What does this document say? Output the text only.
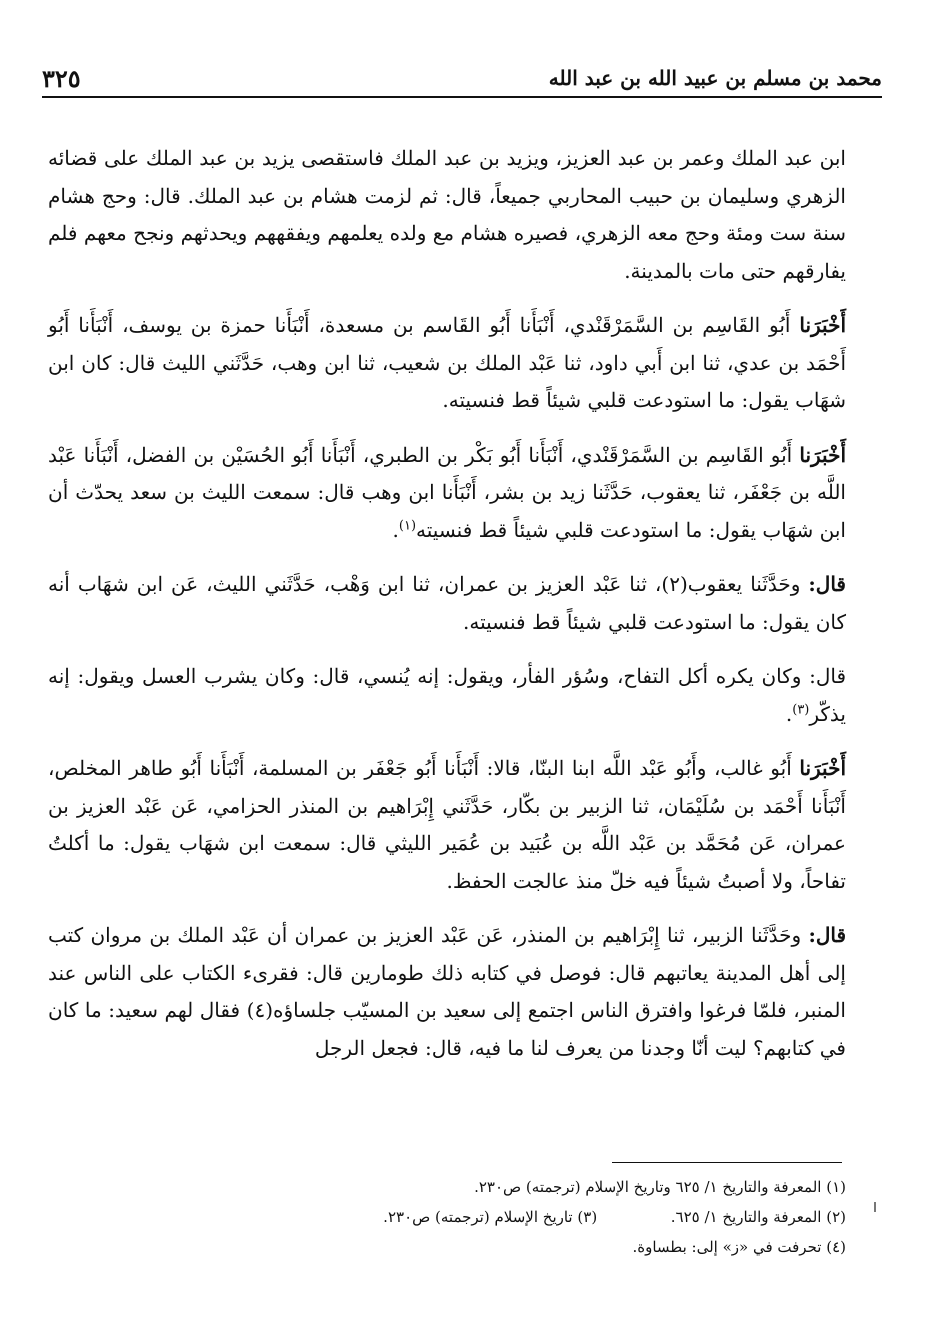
محمد بن مسلم بن عبيد الله بن عبد الله
٣٢٥

ابن عبد الملك وعمر بن عبد العزيز، ويزيد بن عبد الملك فاستقصى يزيد بن عبد الملك على قضائه الزهري وسليمان بن حبيب المحاربي جميعاً، قال: ثم لزمت هشام بن عبد الملك. قال: وحج هشام سنة ست ومئة وحج معه الزهري، فصيره هشام مع ولده يعلمهم ويفقههم ويحدثهم ونجح معهم فلم يفارقهم حتى مات بالمدينة.

أَخْبَرَنا أَبُو القَاسِم بن السَّمَرْقَنْدي، أَنْبَأَنا أَبُو القَاسم بن مسعدة، أَنْبَأَنا حمزة بن يوسف، أَنْبَأَنا أَبُو أَحْمَد بن عدي، ثنا ابن أَبي داود، ثنا عَبْد الملك بن شعيب، ثنا ابن وهب، حَدَّثَني الليث قال: كان ابن شهَاب يقول: ما استودعت قلبي شيئاً قط فنسيته.

أَخْبَرَنا أَبُو القَاسِم بن السَّمَرْقَنْدي، أَنْبَأَنا أَبُو بَكْر بن الطبري، أَنْبَأَنا أَبُو الحُسَيْن بن الفضل، أَنْبَأَنا عَبْد اللَّه بن جَعْفَر، ثنا يعقوب، حَدَّثَنا زيد بن بشر، أَنْبَأَنا ابن وهب قال: سمعت الليث بن سعد يحدّث أن ابن شهَاب يقول: ما استودعت قلبي شيئاً قط فنسيته$^{(١)}$.

قال: وحَدَّثَنا يعقوب(٢)، ثنا عَبْد العزيز بن عمران، ثنا ابن وَهْب، حَدَّثَني الليث، عَن ابن شهَاب أنه كان يقول: ما استودعت قلبي شيئاً قط فنسيته.

قال: وكان يكره أكل التفاح، وسُؤر الفأر، ويقول: إنه يُنسي، قال: وكان يشرب العسل ويقول: إنه يذكّر$^{(٣)}$.

أَخْبَرَنا أَبُو غالب، وأَبُو عَبْد اللَّه ابنا البنّا، قالا: أَنْبَأَنا أَبُو جَعْفَر بن المسلمة، أَنْبَأَنا أَبُو طاهر المخلص، أَنْبَأَنا أَحْمَد بن سُلَيْمَان، ثنا الزبير بن بكّار، حَدَّثَني إِبْرَاهيم بن المنذر الحزامي، عَن عَبْد العزيز بن عمران، عَن مُحَمَّد بن عَبْد اللَّه بن عُبَيد بن عُمَير الليثي قال: سمعت ابن شهَاب يقول: ما أكلتُ تفاحاً، ولا أصبتُ شيئاً فيه خلّ منذ عالجت الحفظ.

قال: وحَدَّثَنا الزبير، ثنا إِبْرَاهيم بن المنذر، عَن عَبْد العزيز بن عمران أن عَبْد الملك بن مروان كتب إلى أهل المدينة يعاتبهم قال: فوصل في كتابه ذلك طومارين قال: فقرىء الكتاب على الناس عند المنبر، فلمّا فرغوا وافترق الناس اجتمع إلى سعيد بن المسيّب جلساؤه(٤) فقال لهم سعيد: ما كان في كتابهم؟ ليت أنّا وجدنا من يعرف لنا ما فيه، قال: فجعل الرجل

(١) المعرفة والتاريخ ١/ ٦٢٥ وتاريخ الإسلام (ترجمته) ص٢٣٠.
(٢) المعرفة والتاريخ ١/ ٦٢٥.  (٣) تاريخ الإسلام (ترجمته) ص٢٣٠.
(٤) تحرفت في «ز» إلى: بطساوة.
